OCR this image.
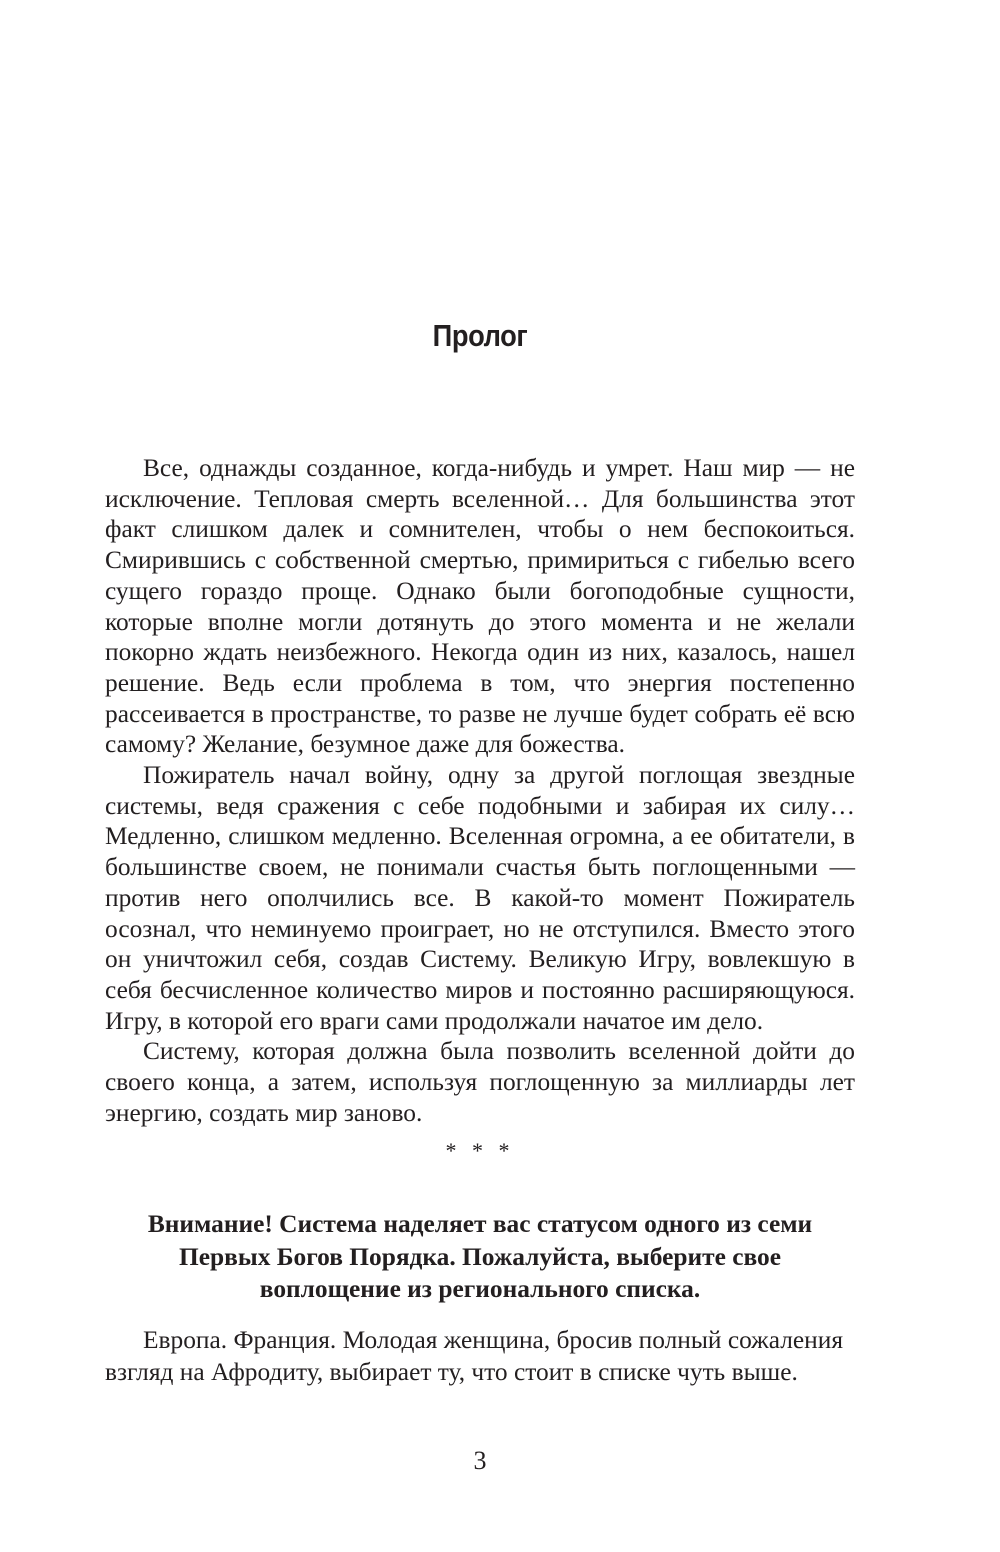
Пролог

Все, однажды созданное, когда-нибудь и умрет. Наш мир — не исключение. Тепловая смерть вселенной… Для большинства этот факт слишком далек и сомнителен, чтобы о нем беспокоиться. Смирившись с собственной смертью, примириться с гибелью всего сущего гораздо проще. Однако были богоподобные сущности, которые вполне могли дотянуть до этого момента и не желали покорно ждать неизбежного. Некогда один из них, казалось, нашел решение. Ведь если проблема в том, что энергия постепенно рассеивается в пространстве, то разве не лучше будет собрать её всю самому? Желание, безумное даже для божества.

Пожиратель начал войну, одну за другой поглощая звездные системы, ведя сражения с себе подобными и забирая их силу… Медленно, слишком медленно. Вселенная огромна, а ее обитатели, в большинстве своем, не понимали счастья быть поглощенными — против него ополчились все. В какой-то момент Пожиратель осознал, что неминуемо проиграет, но не отступился. Вместо этого он уничтожил себя, создав Систему. Великую Игру, вовлекшую в себя бесчисленное количество миров и постоянно расширяющуюся. Игру, в которой его враги сами продолжали начатое им дело.

Систему, которая должна была позволить вселенной дойти до своего конца, а затем, используя поглощенную за миллиарды лет энергию, создать мир заново.

* * *
Внимание! Система наделяет вас статусом одного из семи
Первых Богов Порядка. Пожалуйста, выберите свое
воплощение из регионального списка.

Европа. Франция. Молодая женщина, бросив полный сожаления взгляд на Афродиту, выбирает ту, что стоит в списке чуть выше.

3
